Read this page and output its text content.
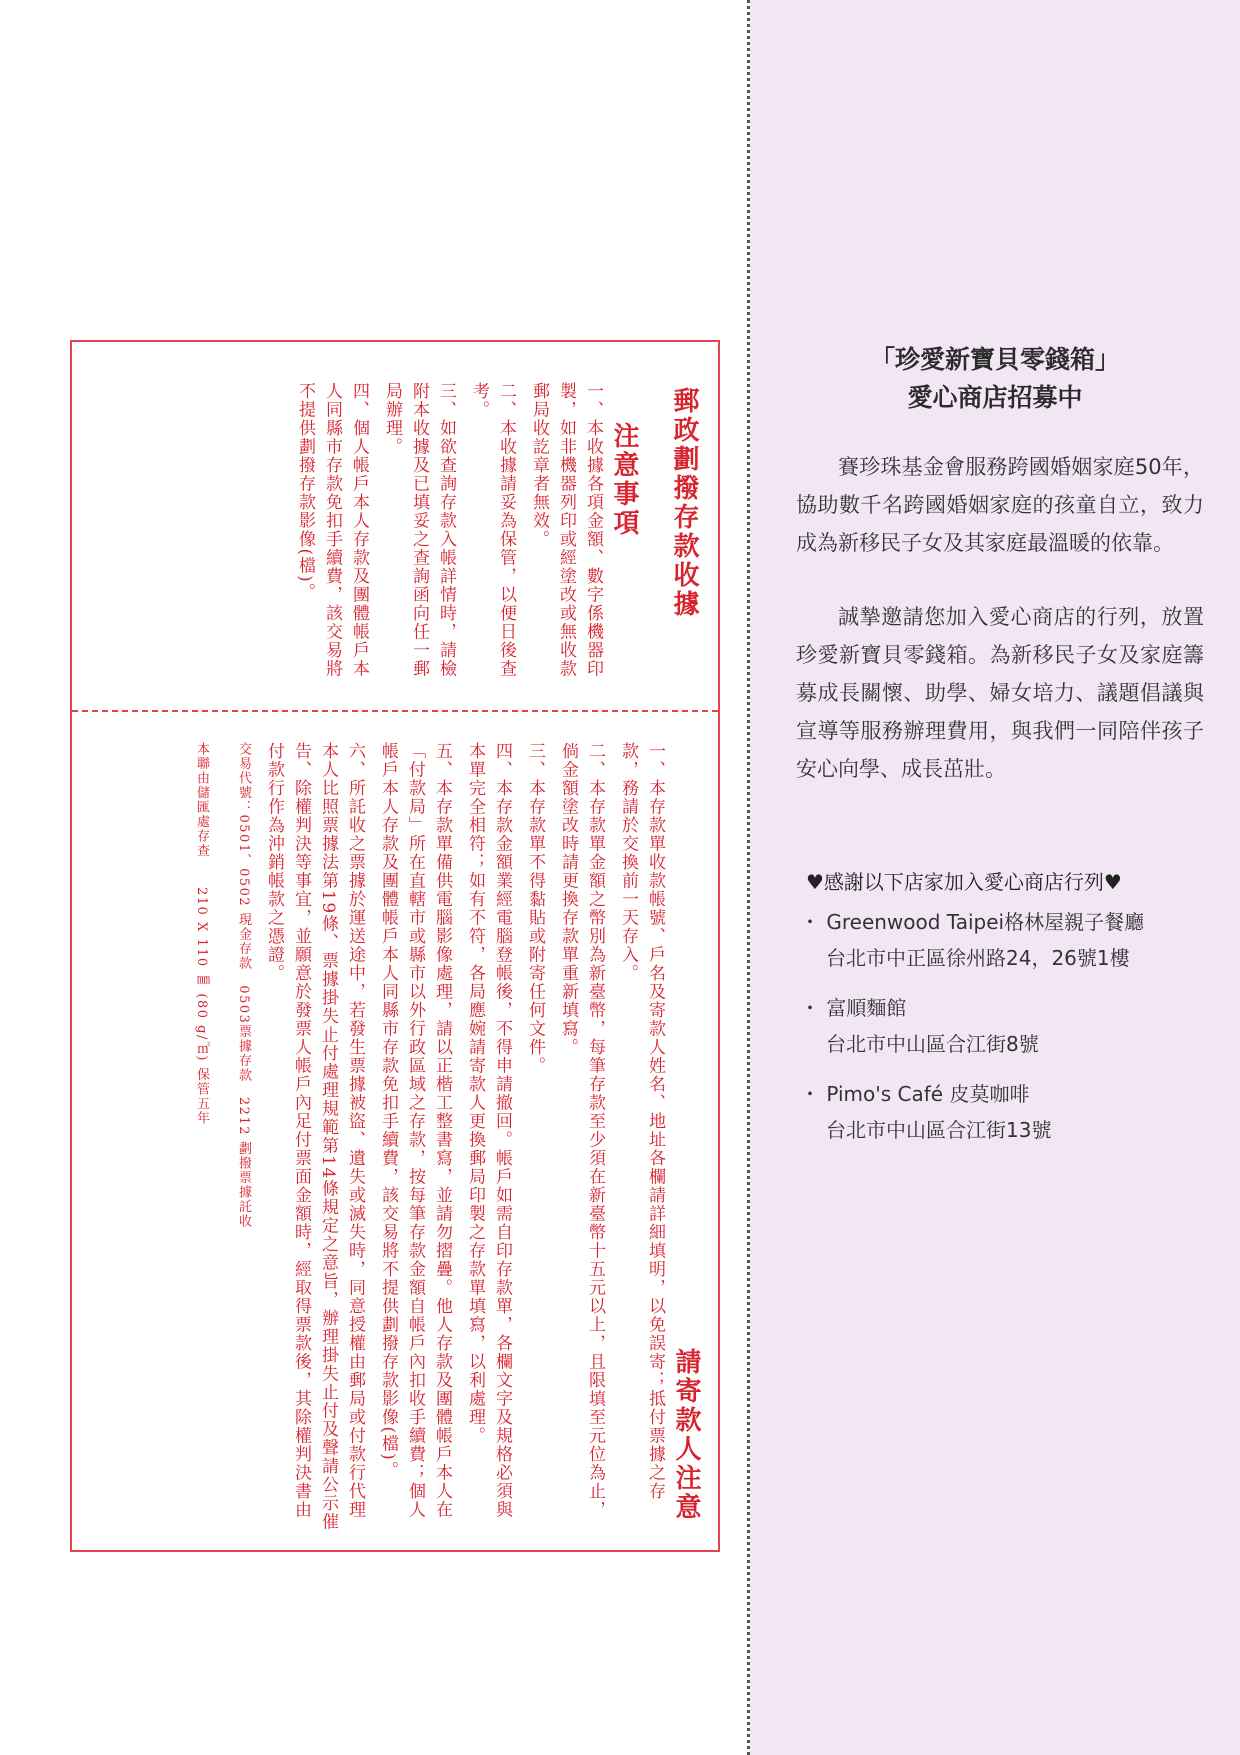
郵政劃撥存款收據

注意事項

一、本收據各項金額、數字係機器印製，如非機器列印或經塗改或無收款郵局收訖章者無效。

二、本收據請妥為保管，以便日後查考。

三、如欲查詢存款入帳詳情時，請檢附本收據及已填妥之查詢函向任一郵局辦理。

四、個人帳戶本人存款及團體帳戶本人同縣市存款免扣手續費，該交易將不提供劃撥存款影像(檔)。

請寄款人注意

一、本存款單收款帳號、戶名及寄款人姓名、地址各欄請詳細填明，以免誤寄；抵付票據之存款，務請於交換前一天存入。

二、本存款單金額之幣別為新臺幣，每筆存款至少須在新臺幣十五元以上，且限填至元位為止，倘金額塗改時請更換存款單重新填寫。

三、本存款單不得黏貼或附寄任何文件。

四、本存款金額業經電腦登帳後，不得申請撤回。帳戶如需自印存款單，各欄文字及規格必須與本單完全相符；如有不符，各局應婉請寄款人更換郵局印製之存款單填寫，以利處理。

五、本存款單備供電腦影像處理，請以正楷工整書寫，並請勿摺疊。他人存款及團體帳戶本人在「付款局」所在直轄市或縣市以外行政區域之存款，按每筆存款金額自帳戶內扣收手續費；個人帳戶本人存款及團體帳戶本人同縣市存款免扣手續費，該交易將不提供劃撥存款影像(檔)。

六、所託收之票據於運送途中，若發生票據被盜、遺失或滅失時，同意授權由郵局或付款行代理本人比照票據法第19條、票據掛失止付處理規範第14條規定之意旨，辦理掛失止付及聲請公示催告、除權判決等事宜，並願意於發票人帳戶內足付票面金額時，經取得票款後，其除權判決書由付款行作為沖銷帳款之憑證。

交易代號：0501、0502 現金存款　0503票據存款　2212 劃撥票據託收

本聯由儲匯處存查　　210 X 110 ㎜ (80 g/㎡) 保管五年

「珍愛新寶貝零錢箱」
愛心商店招募中
賽珍珠基金會服務跨國婚姻家庭50年，協助數千名跨國婚姻家庭的孩童自立，致力成為新移民子女及其家庭最溫暖的依靠。
誠摯邀請您加入愛心商店的行列，放置珍愛新寶貝零錢箱。為新移民子女及家庭籌募成長關懷、助學、婦女培力、議題倡議與宣導等服務辦理費用，與我們一同陪伴孩子安心向學、成長茁壯。
♥感謝以下店家加入愛心商店行列♥
・ Greenwood Taipei格林屋親子餐廳
台北市中正區徐州路24，26號1樓
・ 富順麵館
台北市中山區合江街8號
・ Pimo's Café 皮莫咖啡
台北市中山區合江街13號
